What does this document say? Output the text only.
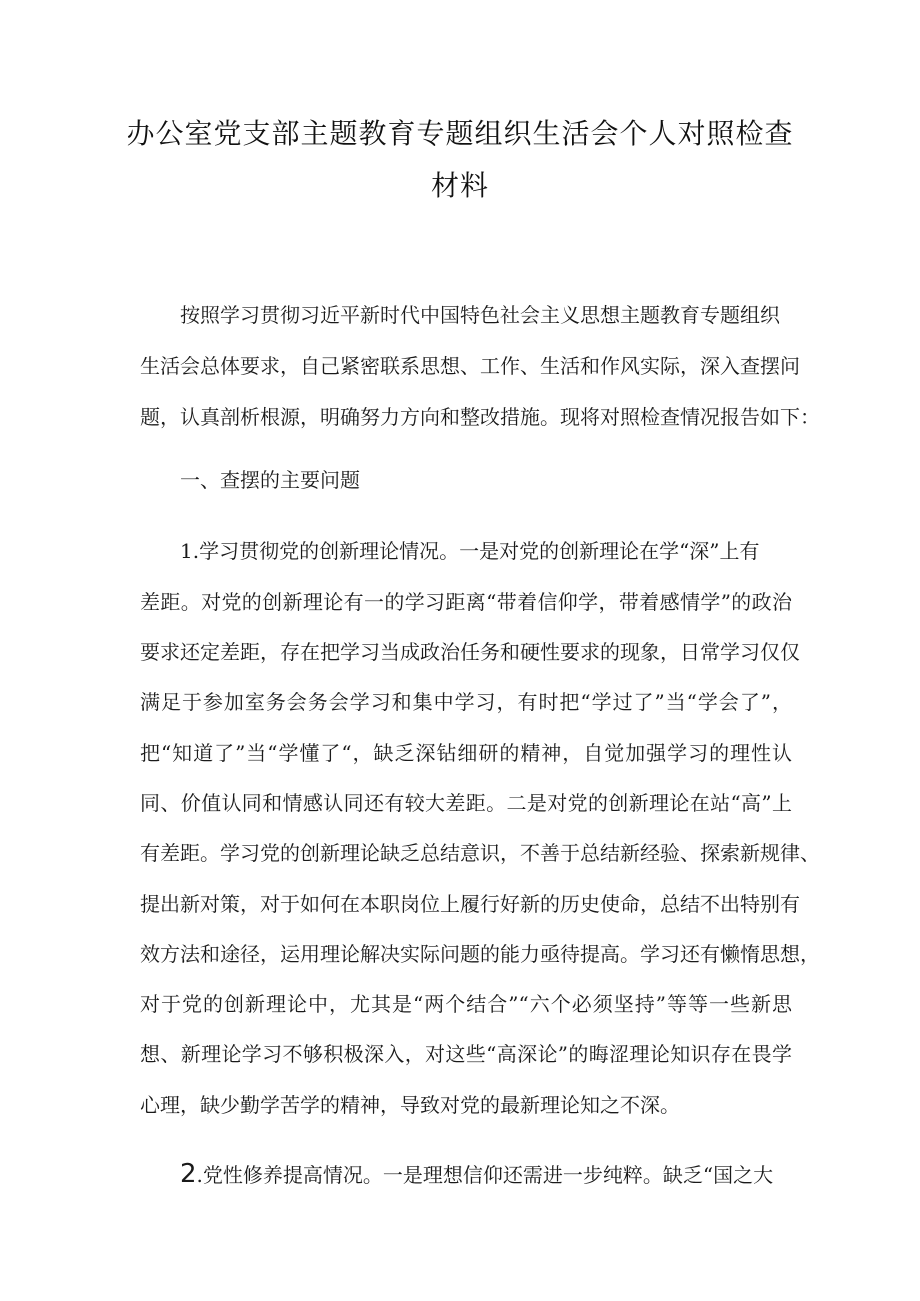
办公室党支部主题教育专题组织生活会个人对照检查
材料

按照学习贯彻习近平新时代中国特色社会主义思想主题教育专题组织

生活会总体要求，自己紧密联系思想、工作、生活和作风实际，深入查摆问

题，认真剖析根源，明确努力方向和整改措施。现将对照检查情况报告如下：

一、查摆的主要问题

1.学习贯彻党的创新理论情况。一是对党的创新理论在学“深”上有

差距。对党的创新理论有一的学习距离“带着信仰学，带着感情学”的政治

要求还定差距，存在把学习当成政治任务和硬性要求的现象，日常学习仅仅

满足于参加室务会务会学习和集中学习，有时把“学过了”当“学会了”，

把“知道了”当“学懂了“，缺乏深钻细研的精神，自觉加强学习的理性认

同、价值认同和情感认同还有较大差距。二是对党的创新理论在站“高”上

有差距。学习党的创新理论缺乏总结意识，不善于总结新经验、探索新规律、

提出新对策，对于如何在本职岗位上履行好新的历史使命，总结不出特别有

效方法和途径，运用理论解决实际问题的能力亟待提高。学习还有懒惰思想，

对于党的创新理论中，尤其是“两个结合”“六个必须坚持”等等一些新思

想、新理论学习不够积极深入，对这些“高深论”的晦涩理论知识存在畏学

心理，缺少勤学苦学的精神，导致对党的最新理论知之不深。

2.党性修养提高情况。一是理想信仰还需进一步纯粹。缺乏“国之大
